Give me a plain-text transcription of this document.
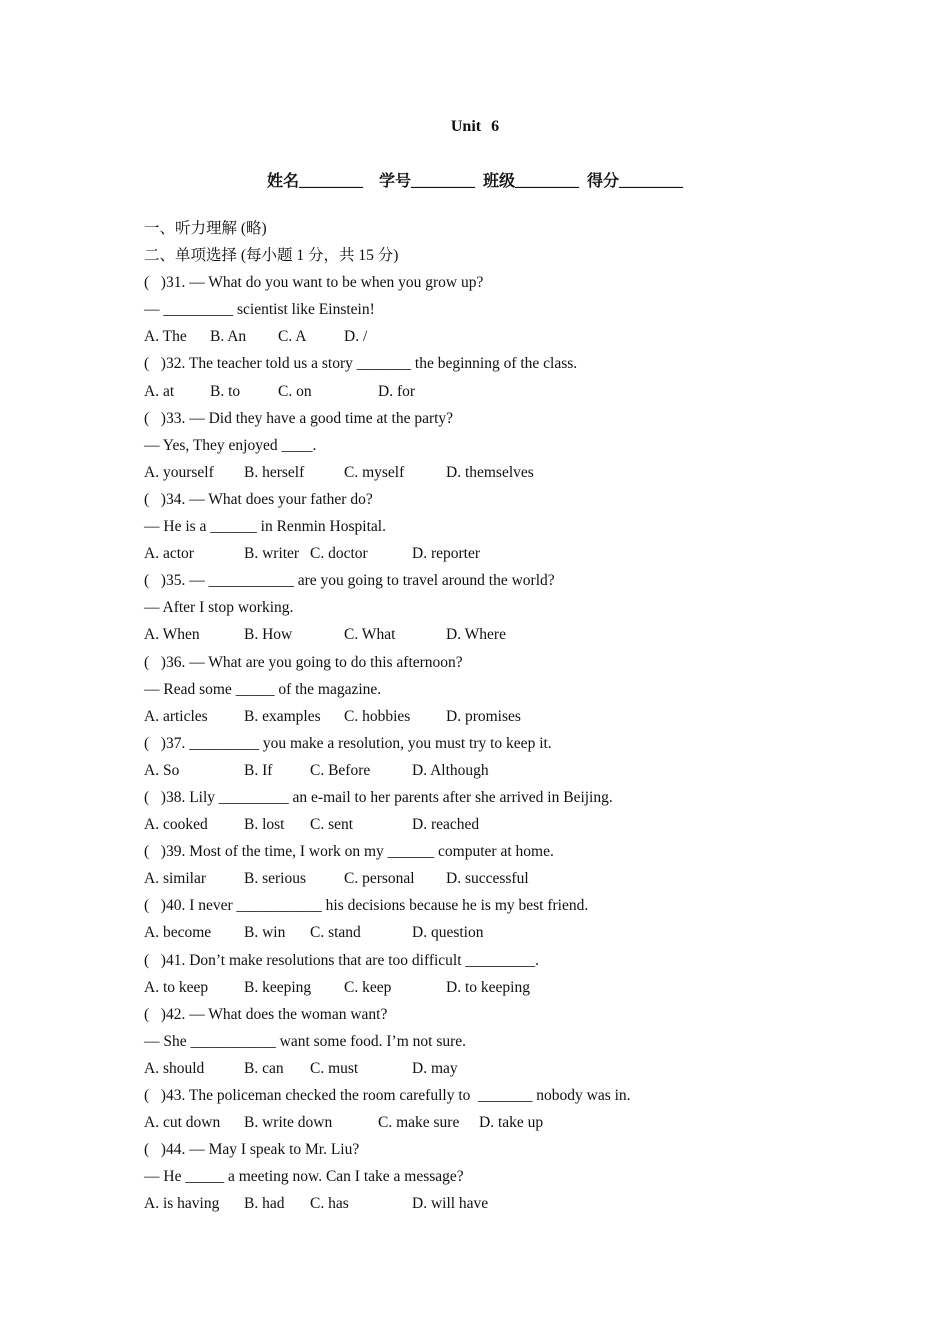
Unit 6
姓名________ 学号________ 班级________ 得分________
一、听力理解 (略)
二、单项选择 (每小题 1 分，共 15 分)
(   )31. — What do you want to be when you grow up?
— _________ scientist like Einstein!
A. The B. An C. A D. /
(   )32. The teacher told us a story _______ the beginning of the class.
A. at B. to C. on	D. for
(   )33. — Did they have a good time at the party?
— Yes, They enjoyed ____.
A. yourself B. herself	C. myself	D. themselves
(   )34. — What does your father do?
— He is a ______ in Renmin Hospital.
A. actor	B. writer C. doctor	D. reporter
(   )35. — ___________ are you going to travel around the world?
— After I stop working.
A. When	B. How	C. What	D. Where
(   )36. — What are you going to do this afternoon?
— Read some _____ of the magazine.
A. articles B. examples C. hobbies D. promises
(   )37. _________ you make a resolution, you must try to keep it.
A. So	B. If C. Before	D. Although
(   )38. Lily _________ an e-mail to her parents after she arrived in Beijing.
A. cooked B. lost C. sent	D. reached
(   )39. Most of the time, I work on my ______ computer at home.
A. similar B. serious C. personal D. successful
(   )40. I never ___________ his decisions because he is my best friend.
A. become B. win C. stand	D. question
(   )41. Don’t make resolutions that are too difficult _________.
A. to keep B. keeping C. keep	D. to keeping
(   )42. — What does the woman want?
— She ___________ want some food. I’m not sure.
A. should	B. can C. must	D. may
(   )43. The policeman checked the room carefully to  _______ nobody was in.
A. cut down B. write down	C. make sure D. take up
(   )44. — May I speak to Mr. Liu?
— He _____ a meeting now. Can I take a message?
A. is having B. had C. has	D. will have
